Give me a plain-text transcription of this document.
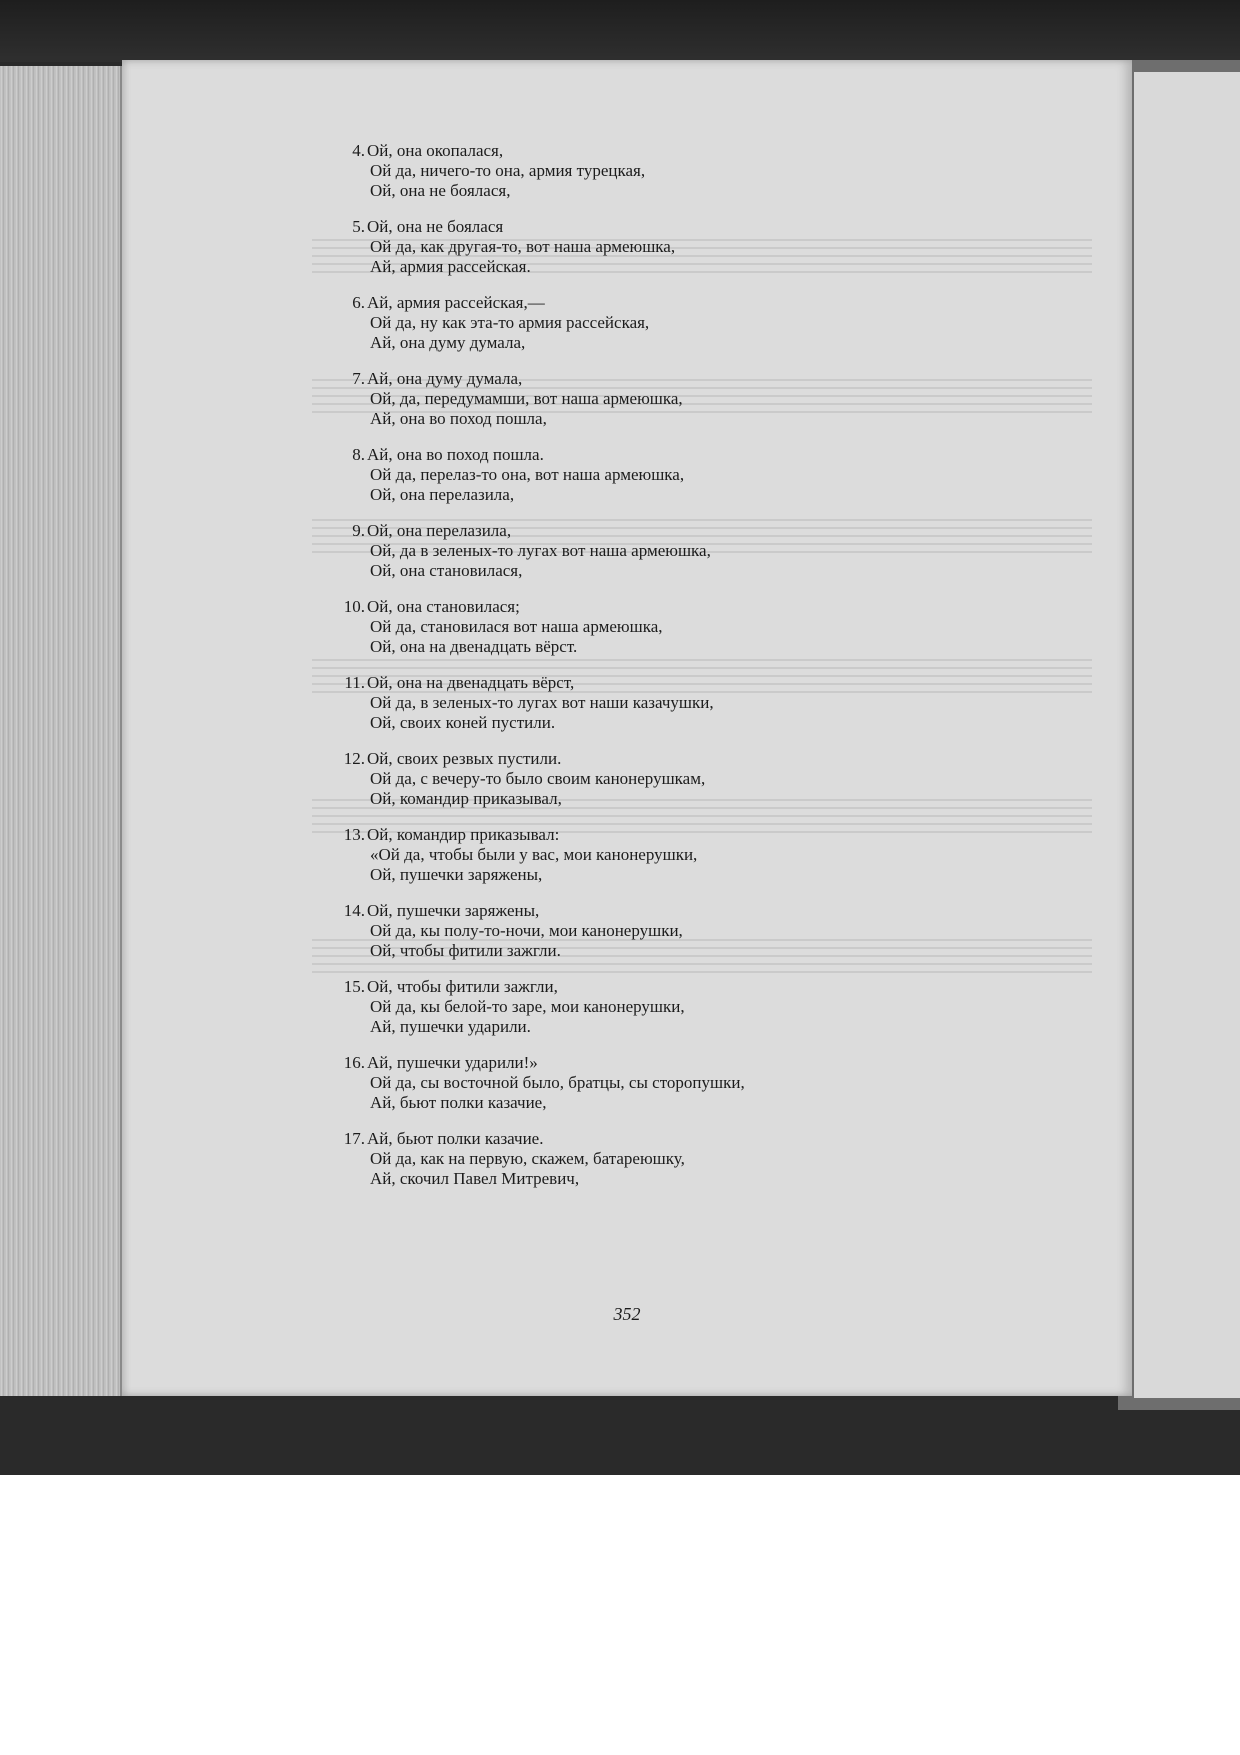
4. Ой, она окопалася,
Ой да, ничего-то она, армия турецкая,
Ой, она не боялася,
5. Ой, она не боялася
Ой да, как другая-то, вот наша армеюшка,
Ай, армия рассейская.
6. Ай, армия рассейская,—
Ой да, ну как эта-то армия рассейская,
Ай, она думу думала,
7. Ай, она думу думала,
Ой, да, передумамши, вот наша армеюшка,
Ай, она во поход пошла,
8. Ай, она во поход пошла.
Ой да, перелаз-то она, вот наша армеюшка,
Ой, она перелазила,
9. Ой, она перелазила,
Ой, да в зеленых-то лугах вот наша армеюшка,
Ой, она становилася,
10. Ой, она становилася;
Ой да, становилася вот наша армеюшка,
Ой, она на двенадцать вёрст.
11. Ой, она на двенадцать вёрст,
Ой да, в зеленых-то лугах вот наши казачушки,
Ой, своих коней пустили.
12. Ой, своих резвых пустили.
Ой да, с вечеру-то было своим канонерушкам,
Ой, командир приказывал,
13. Ой, командир приказывал:
«Ой да, чтобы были у вас, мои канонерушки,
Ой, пушечки заряжены,
14. Ой, пушечки заряжены,
Ой да, кы полу-то-ночи, мои канонерушки,
Ой, чтобы фитили зажгли.
15. Ой, чтобы фитили зажгли,
Ой да, кы белой-то заре, мои канонерушки,
Ай, пушечки ударили.
16. Ай, пушечки ударили!»
Ой да, сы восточной было, братцы, сы сторопушки,
Ай, бьют полки казачие,
17. Ай, бьют полки казачие.
Ой да, как на первую, скажем, батареюшку,
Ай, скочил Павел Митревич,
352
